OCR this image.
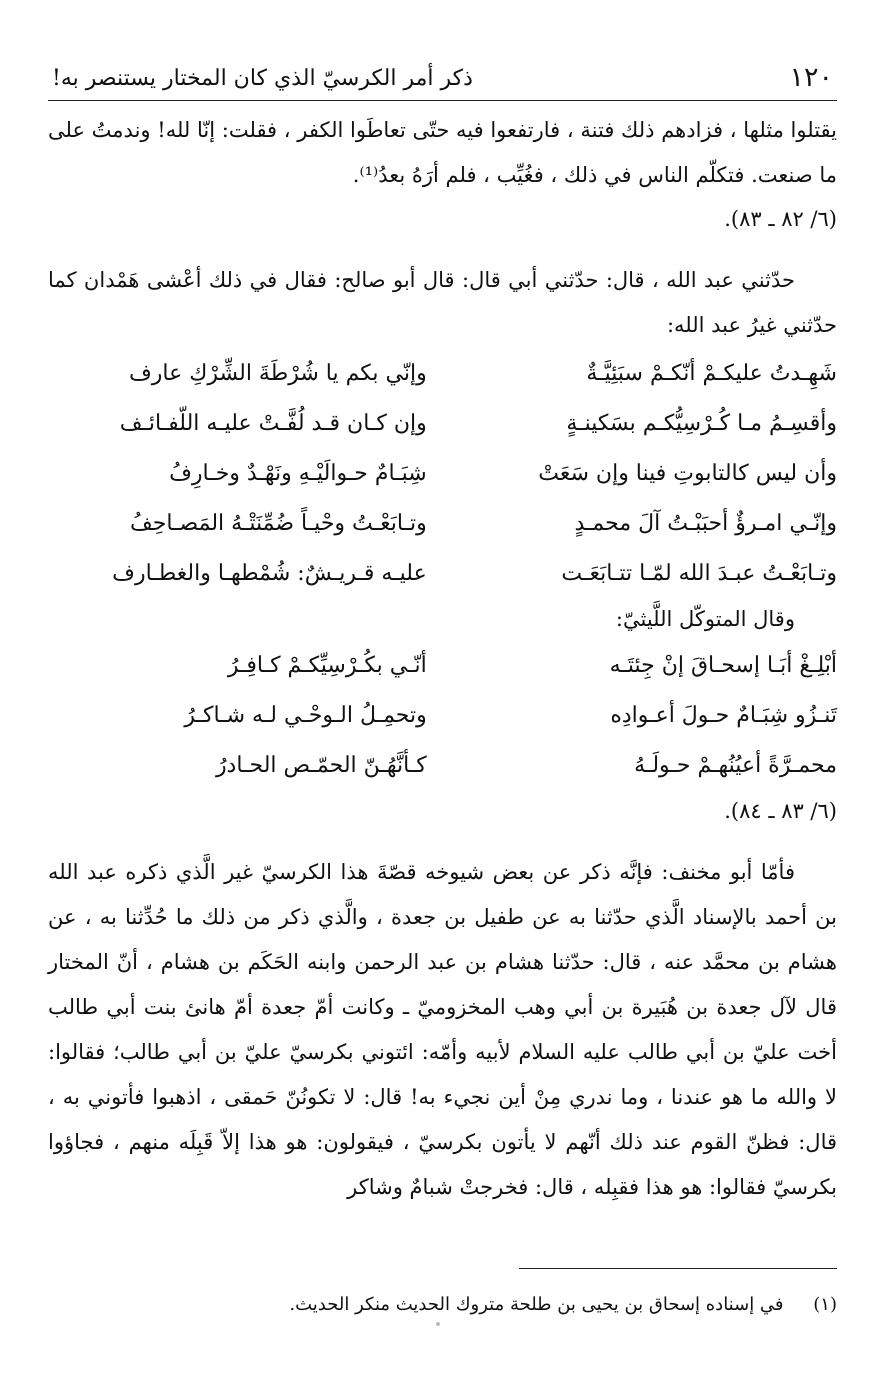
١٢٠
ذكر أمر الكرسيّ الذي كان المختار يستنصر به!

يقتلوا مثلها ، فزادهم ذلك فتنة ، فارتفعوا فيه حتّى تعاطَوا الكفر ، فقلت: إنّا لله! وندمتُ على ما صنعت. فتكلّم الناس في ذلك ، فغُيِّب ، فلم أرَهُ بعدُ⁽¹⁾.

(٦/ ٨٢ ـ ٨٣).

حدّثني عبد الله ، قال: حدّثني أبي قال: قال أبو صالح: فقال في ذلك أعْشى هَمْدان كما حدّثني غيرُ عبد الله:

شَهِـدتُ عليكـمْ أنّكـمْ سبَئِيَّـةٌ
وإنّي بكم يا شُرْطَةَ الشِّرْكِ عارف
وأقسِـمُ مـا كُـرْسِيُّكـم بسَكينـةٍ
وإن كـان قـد لُفَّـتْ عليـه اللّفـائـف
وأن ليس كالتابوتِ فينا وإن سَعَتْ
شِبَـامٌ حـوالَيْـهِ ونَهْـدٌ وخـارِفُ
وإنّـي امـرؤٌ أحبَبْـتُ آلَ محمـدٍ
وتـابَعْـتُ وحْيـاً ضُمِّنَتْـهُ المَصـاحِفُ
وتـابَعْـتُ عبـدَ الله لمّـا تتـابَعَـت
عليـه قـريـشٌ: شُمْطهـا والغطـارف
وقال المتوكّل اللَّيثيّ:
أبْلِـغْ أبَـا إسحـاقَ إنْ جِئتَـه
أنّـي بكُـرْسِيِّكـمْ كـافِـرُ
تَنـزُو شِبَـامٌ حـولَ أعـوادِه
وتحمِـلُ الـوحْـي لـه شـاكـرُ
محمـرَّةً أعيُنُهـمْ حـولَـهُ
كـأنَّهُـنّ الحمّـص الحـادرُ
(٦/ ٨٣ ـ ٨٤).

فأمّا أبو مخنف: فإنَّه ذكر عن بعض شيوخه قصّةَ هذا الكرسيّ غير الَّذي ذكره عبد الله بن أحمد بالإسناد الَّذي حدّثنا به عن طفيل بن جعدة ، والَّذي ذكر من ذلك ما حُدِّثنا به ، عن هشام بن محمَّد عنه ، قال: حدّثنا هشام بن عبد الرحمن وابنه الحَكَم بن هشام ، أنّ المختار قال لآل جعدة بن هُبَيرة بن أبي وهب المخزوميّ ـ وكانت أمّ جعدة أمّ هانئ بنت أبي طالب أخت عليّ بن أبي طالب عليه السلام لأبيه وأمّه: ائتوني بكرسيّ عليّ بن أبي طالب؛ فقالوا: لا والله ما هو عندنا ، وما ندري مِنْ أين نجيء به! قال: لا تكونُنّ حَمقى ، اذهبوا فأتوني به ، قال: فظنّ القوم عند ذلك أنّهم لا يأتون بكرسيّ ، فيقولون: هو هذا إلاّ قَبِلَه منهم ، فجاؤوا بكرسيّ فقالوا: هو هذا فقبِله ، قال: فخرجتْ شبامٌ وشاكر

(١) في إسناده إسحاق بن يحيى بن طلحة متروك الحديث منكر الحديث.
